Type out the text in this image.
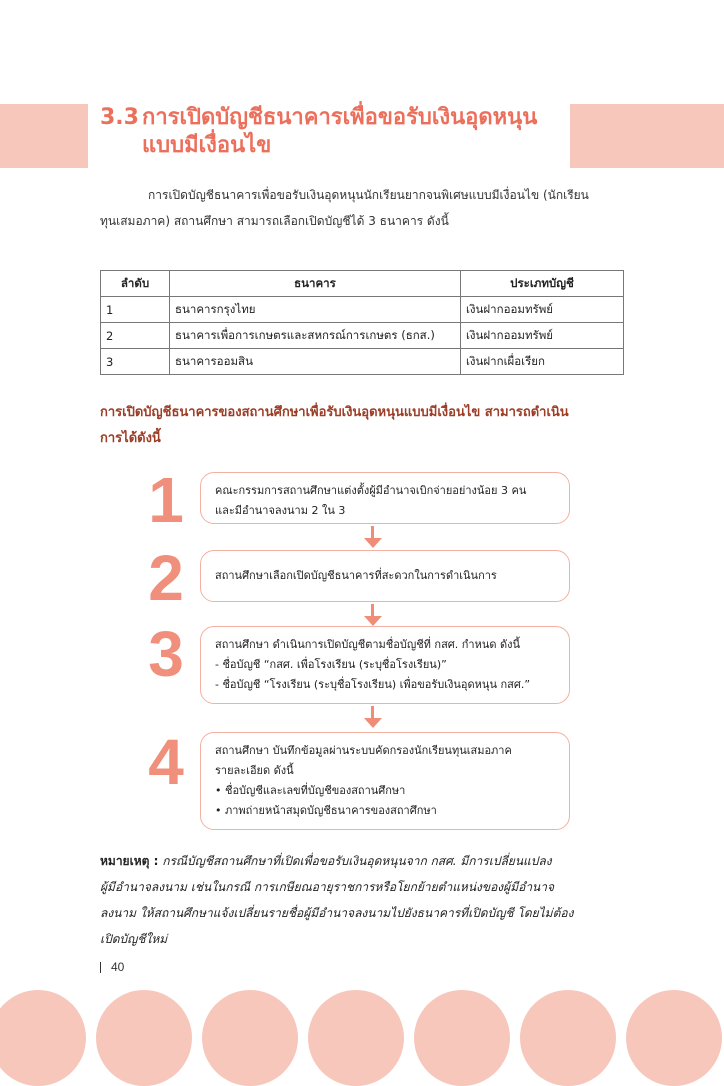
3.3 การเปิดบัญชีธนาคารเพื่อขอรับเงินอุดหนุน
แบบมีเงื่อนไข
การเปิดบัญชีธนาคารเพื่อขอรับเงินอุดหนุนนักเรียนยากจนพิเศษแบบมีเงื่อนไข (นักเรียน
ทุนเสมอภาค) สถานศึกษา สามารถเลือกเปิดบัญชีได้ 3 ธนาคาร ดังนี้
ลำดับ	ธนาคาร	ประเภทบัญชี
1	ธนาคารกรุงไทย	เงินฝากออมทรัพย์
2	ธนาคารเพื่อการเกษตรและสหกรณ์การเกษตร (ธกส.)	เงินฝากออมทรัพย์
3	ธนาคารออมสิน	เงินฝากเผื่อเรียก
การเปิดบัญชีธนาคารของสถานศึกษาเพื่อรับเงินอุดหนุนแบบมีเงื่อนไข สามารถดำเนิน
การได้ดังนี้
1	คณะกรรมการสถานศึกษาแต่งตั้งผู้มีอำนาจเบิกจ่ายอย่างน้อย 3 คน
และมีอำนาจลงนาม 2 ใน 3
2	สถานศึกษาเลือกเปิดบัญชีธนาคารที่สะดวกในการดำเนินการ
3	สถานศึกษา ดำเนินการเปิดบัญชีตามชื่อบัญชีที่ กสศ. กำหนด ดังนี้
- ชื่อบัญชี “กสศ. เพื่อโรงเรียน (ระบุชื่อโรงเรียน)”
- ชื่อบัญชี “โรงเรียน (ระบุชื่อโรงเรียน) เพื่อขอรับเงินอุดหนุน กสศ.”
4	สถานศึกษา บันทึกข้อมูลผ่านระบบคัดกรองนักเรียนทุนเสมอภาค
รายละเอียด ดังนี้
• ชื่อบัญชีและเลขที่บัญชีของสถานศึกษา
• ภาพถ่ายหน้าสมุดบัญชีธนาคารของสถาศึกษา
หมายเหตุ : กรณีบัญชีสถานศึกษาที่เปิดเพื่อขอรับเงินอุดหนุนจาก กสศ. มีการเปลี่ยนแปลง
ผู้มีอำนาจลงนาม เช่นในกรณี การเกษียณอายุราชการหรือโยกย้ายตำแหน่งของผู้มีอำนาจ
ลงนาม ให้สถานศึกษาแจ้งเปลี่ยนรายชื่อผู้มีอำนาจลงนามไปยังธนาคารที่เปิดบัญชี โดยไม่ต้อง
เปิดบัญชีใหม่
40
